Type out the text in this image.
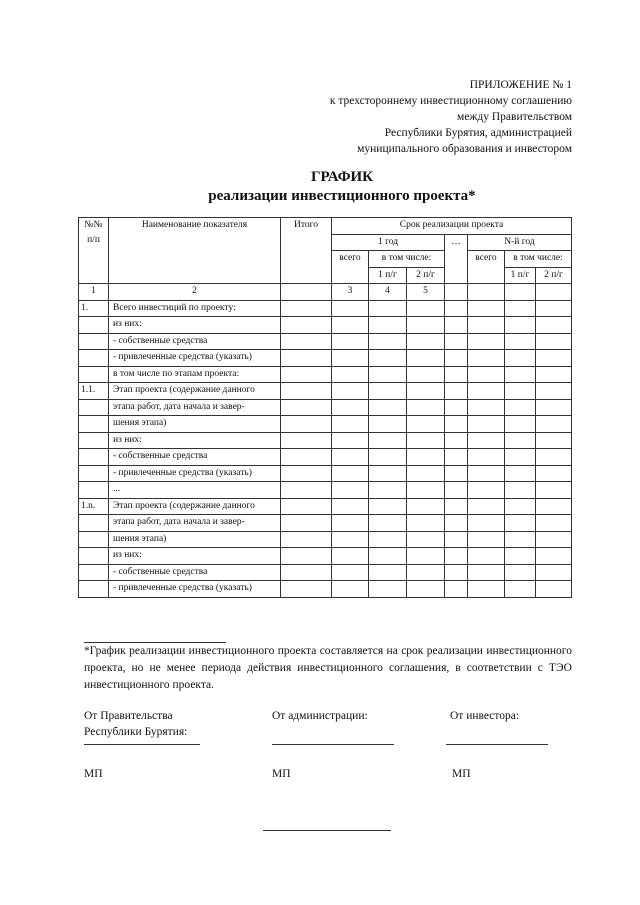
ПРИЛОЖЕНИЕ № 1
к трехстороннему инвестиционному соглашению
между Правительством
Республики Бурятия, администрацией
муниципального образования и инвестором
ГРАФИК
реализации инвестиционного проекта*
№№ п/п	Наименование показателя	Итого	Срок реализации проекта						
			1 год			…	N-й год		
			всего	в том числе:			всего	в том числе:	
				1 п/г	2 п/г			1 п/г	2 п/г
1	2		3	4	5				
1.	Всего инвестиций по проекту:								
	из них:								
	- собственные средства								
	- привлеченные средства (указать)								
	в том числе по этапам проекта:								
1.1.	Этап проекта (содержание данного								
	этапа работ, дата начала и завер-								
	шения этапа)								
	из них:								
	- собственные средства								
	- привлеченные средства (указать)								
	...								
1.n.	Этап проекта (содержание данного								
	этапа работ, дата начала и завер-								
	шения этапа)								
	из них:								
	- собственные средства								
	- привлеченные средства (указать)								
*График реализации инвестиционного проекта составляется на срок реализации инвестиционного проекта, но не менее периода действия инвестиционного соглашения, в соответствии с ТЭО инвестиционного проекта.
От Правительства
Республики Бурятия:
От администрации:	От инвестора:
МП	МП	МП
